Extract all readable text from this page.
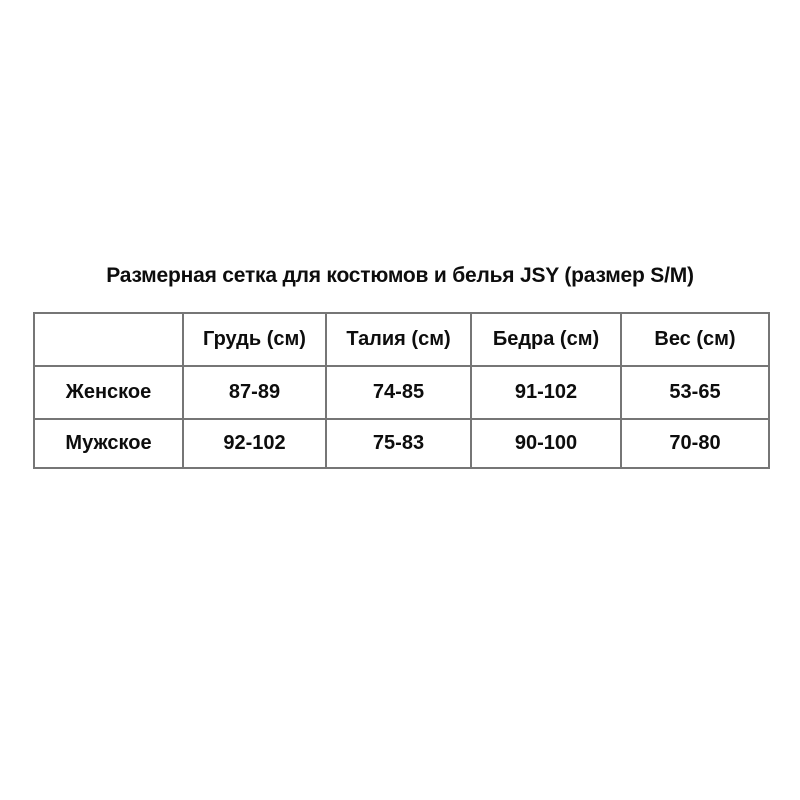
Размерная сетка для костюмов и белья JSY (размер S/M)
	Грудь (см)	Талия (см)	Бедра (см)	Вес (см)
Женское	87-89	74-85	91-102	53-65
Мужское	92-102	75-83	90-100	70-80
